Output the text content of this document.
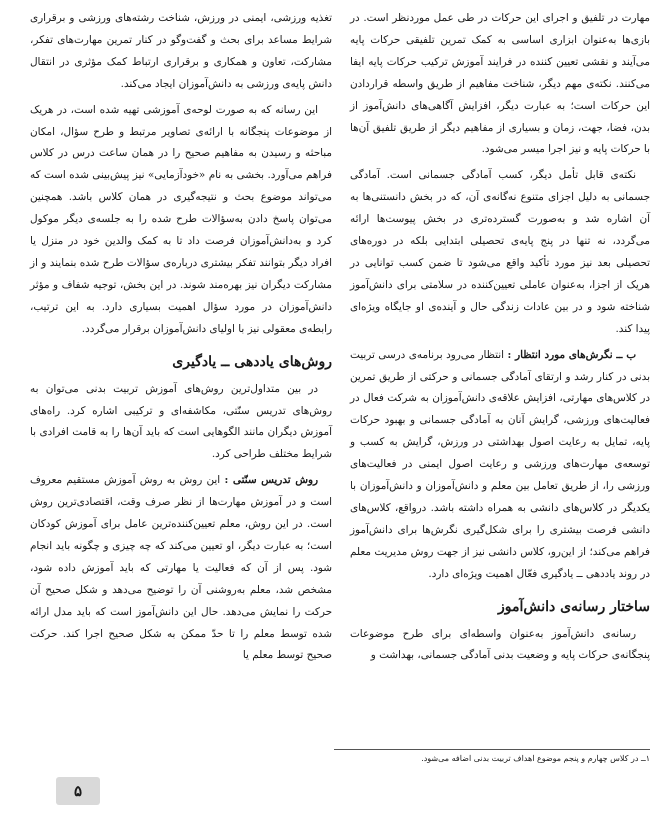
مهارت در تلفیق و اجرای این حرکات در طی عمل موردنظر است. در بازی‌ها به‌عنوان ابزاری اساسی به کمک تمرین تلفیقی حرکات پایه می‌آیند و نقشی تعیین کننده در فرایند آموزش ترکیب حرکات پایه ایفا می‌کنند. نکته‌ی مهم دیگر، شناخت مفاهیم از طریق واسطه قراردادن این حرکات است؛ به عبارت دیگر، افزایش آگاهی‌های دانش‌آموز از بدن، فضا، جهت، زمان و بسیاری از مفاهیم دیگر از طریق تلفیق آن‌ها با حرکات پایه و نیز اجرا میسر می‌شود.

نکته‌ی قابل تأمل دیگر، کسب آمادگی جسمانی است. آمادگی جسمانی به دلیل اجزای متنوع نه‌گانه‌ی آن، که در بخش دانستنی‌ها به آن اشاره شد و به‌صورت گسترده‌تری در بخش پیوست‌ها ارائه می‌گردد، نه تنها در پنج پایه‌ی تحصیلی ابتدایی بلکه در دوره‌های تحصیلی بعد نیز مورد تأکید واقع می‌شود تا ضمن کسب توانایی در هریک از اجزا، به‌عنوان عاملی تعیین‌کننده در سلامتی برای دانش‌آموز شناخته شود و در بین عادات زندگی حال و آینده‌ی او جایگاه ویژه‌ای پیدا کند.

ب ــ نگرش‌های مورد انتظار : انتظار می‌رود برنامه‌ی درسی تربیت بدنی در کنار رشد و ارتقای آمادگی جسمانی و حرکتی از طریق تمرین در کلاس‌های مهارتی، افزایش علاقه‌ی دانش‌آموزان به شرکت فعال در فعالیت‌های ورزشی، گرایش آنان به آمادگی جسمانی و بهبود حرکات پایه، تمایل به رعایت اصول بهداشتی در ورزش، گرایش به کسب و توسعه‌ی مهارت‌های ورزشی و رعایت اصول ایمنی در فعالیت‌های ورزشی را، از طریق تعامل بین معلم و دانش‌آموزان و دانش‌آموزان با یکدیگر در کلاس‌های دانشی به همراه داشته باشد. درواقع، کلاس‌های دانشی فرصت بیشتری را برای شکل‌گیری نگرش‌ها برای دانش‌آموز فراهم می‌کند؛ از این‌رو، کلاس دانشی نیز از جهت روش مدیریت معلم در روند یاددهی ــ یادگیری فعّال اهمیت ویژه‌ای دارد.

ساختار رسانه‌ی دانش‌آموز

رسانه‌ی دانش‌آموز به‌عنوان واسطه‌ای برای طرح موضوعات پنجگانه‌ی حرکات پایه و وضعیت بدنی آمادگی جسمانی، بهداشت و

تغذیه ورزشی، ایمنی در ورزش، شناخت رشته‌های ورزشی و برقراری شرایط مساعد برای بحث و گفت‌وگو در کنار تمرین مهارت‌های تفکر، مشارکت، تعاون و همکاری و برقراری ارتباط کمک مؤثری در انتقال دانش پایه‌ی ورزشی به دانش‌آموزان ایجاد می‌کند.

این رسانه که به صورت لوحه‌ی آموزشی تهیه شده است، در هریک از موضوعات پنجگانه با ارائه‌ی تصاویر مرتبط و طرح سؤال، امکان مباحثه و رسیدن به مفاهیم صحیح را در همان ساعت درس در کلاس فراهم می‌آورد. بخشی به نام «خودآزمایی» نیز پیش‌بینی شده است که می‌تواند موضوع بحث و نتیجه‌گیری در همان کلاس باشد. همچنین می‌توان پاسخ دادن به‌سؤالات طرح شده را به جلسه‌ی دیگر موکول کرد و به‌دانش‌آموزان فرصت داد تا به کمک والدین خود در منزل یا افراد دیگر بتوانند تفکر بیشتری درباره‌ی سؤالات طرح شده بنمایند و از مشارکت دیگران نیز بهره‌مند شوند. در این بخش، توجیه شفاف و مؤثر دانش‌آموزان در مورد سؤال اهمیت بسیاری دارد. به این ترتیب، رابطه‌ی معقولی نیز با اولیای دانش‌آموزان برقرار می‌گردد.

روش‌های یاددهی ــ یادگیری

در بین متداول‌ترین روش‌های آموزش تربیت بدنی می‌توان به روش‌های تدریس سنّتی، مکاشفه‌ای و ترکیبی اشاره کرد. راه‌های آموزش دیگران مانند الگوهایی است که باید آن‌ها را به قامت افرادی با شرایط مختلف طراحی کرد.

روش تدریس سنّتی : این روش به روش آموزش مستقیم معروف است و در آموزش مهارت‌ها از نظر صرف وقت، اقتصادی‌ترین روش است. در این روش، معلم تعیین‌کننده‌ترین عامل برای آموزش کودکان است؛ به عبارت دیگر، او تعیین می‌کند که چه چیزی و چگونه باید انجام شود. پس از آن که فعالیت یا مهارتی که باید آموزش داده شود، مشخص شد، معلم به‌روشنی آن را توضیح می‌دهد و شکل صحیح آن حرکت را نمایش می‌دهد. حال این دانش‌آموز است که باید مدل ارائه شده توسط معلم را تا حدّ ممکن به شکل صحیح اجرا کند. حرکت صحیح توسط معلم یا

۱ــ در کلاس چهارم و پنجم موضوع اهداف تربیت بدنی اضافه می‌شود.
۵
